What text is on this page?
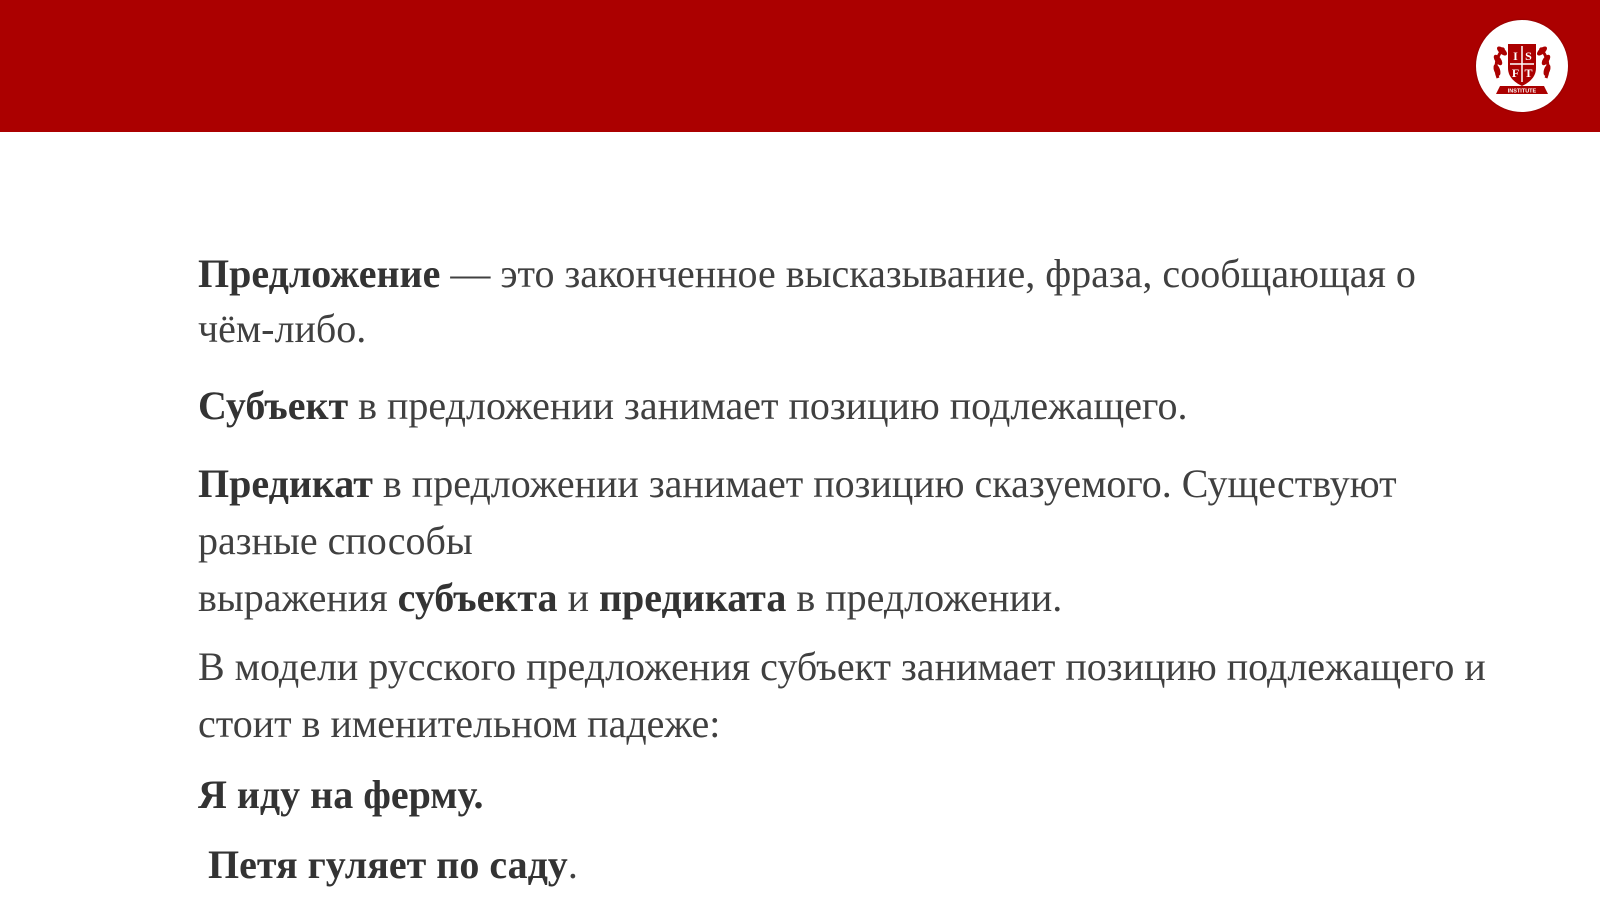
I S
F T
INSTITUTE

Предложение — это законченное высказывание, фраза, сообщающая о чём-либо.

Субъект в предложении занимает позицию подлежащего.

Предикат в предложении занимает позицию сказуемого. Существуют разные способы
выражения субъекта и предиката в предложении.

В модели русского предложения субъект занимает позицию подлежащего и стоит в именительном падеже:

Я иду на ферму.

Петя гуляет по саду.
